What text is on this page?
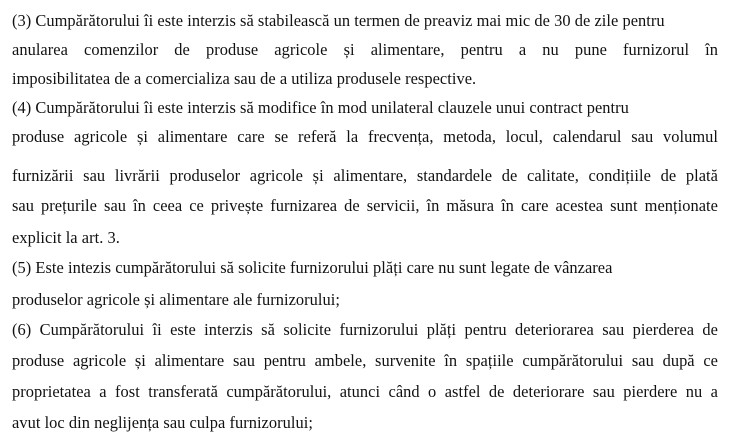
(3) Cumpărătorului îi este interzis să stabilească un termen de preaviz mai mic de 30 de zile pentru
anularea comenzilor de produse agricole și alimentare, pentru a nu pune furnizorul în
imposibilitatea de a comercializa sau de a utiliza produsele respective.
(4) Cumpărătorului îi este interzis să modifice în mod unilateral clauzele unui contract pentru
produse agricole și alimentare care se referă la frecvența, metoda, locul, calendarul sau volumul
furnizării sau livrării produselor agricole și alimentare, standardele de calitate, condițiile de plată
sau prețurile sau în ceea ce privește furnizarea de servicii, în măsura în care acestea sunt menționate
explicit la art. 3.
(5) Este intezis cumpărătorului să solicite furnizorului plăți care nu sunt legate de vânzarea
produselor agricole și alimentare ale furnizorului;
(6) Cumpărătorului îi este interzis să solicite furnizorului plăți pentru deteriorarea sau pierderea de
produse agricole și alimentare sau pentru ambele, survenite în spațiile cumpărătorului sau după ce
proprietatea a fost transferată cumpărătorului, atunci când o astfel de deteriorare sau pierdere nu a
avut loc din neglijența sau culpa furnizorului;
